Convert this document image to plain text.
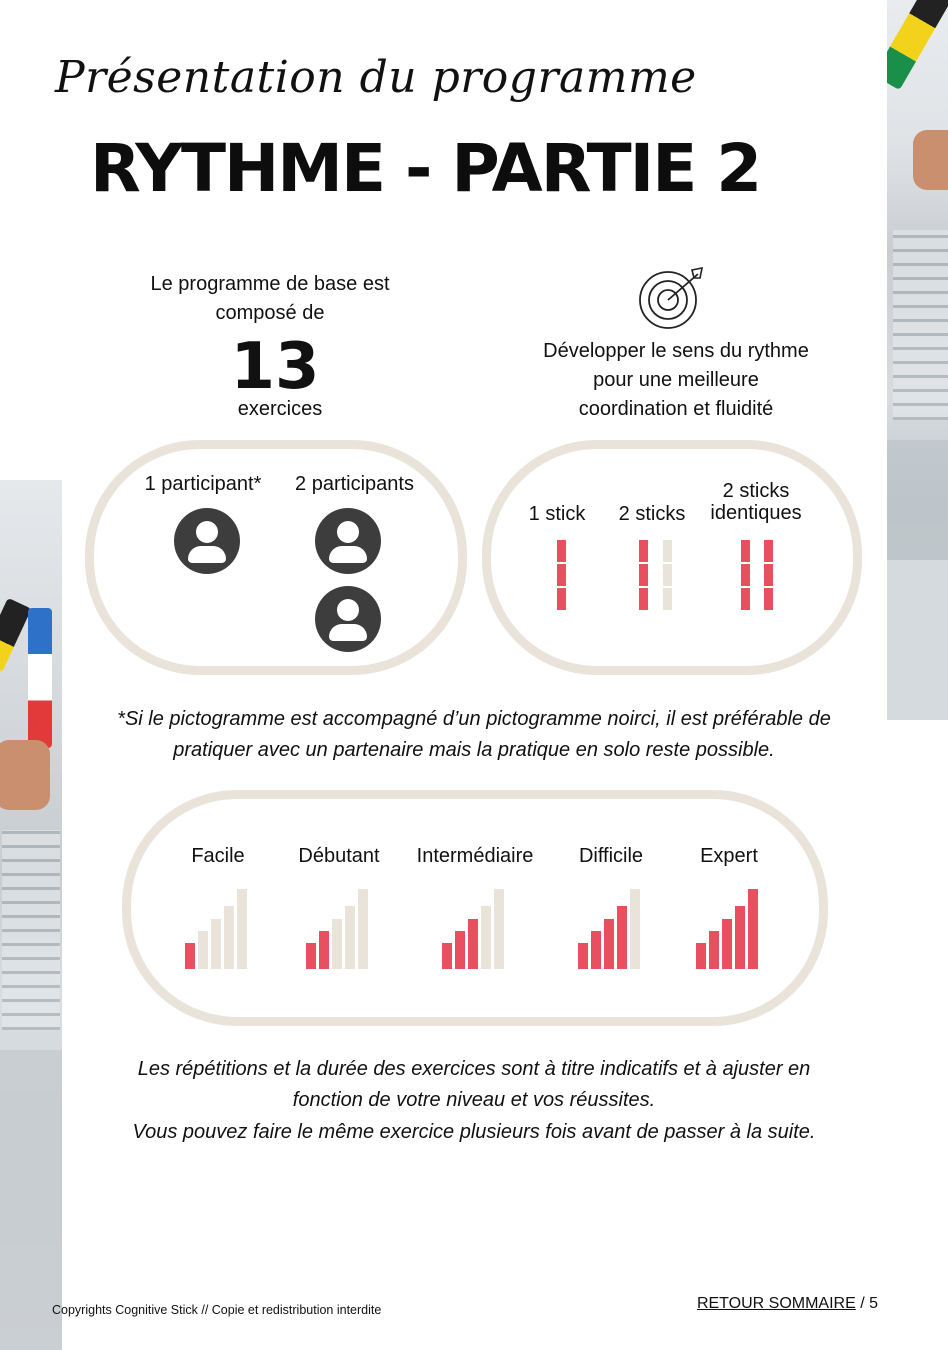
Présentation du programme
RYTHME - PARTIE 2
Le programme de base est composé de
13
exercices
Développer le sens du rythme pour une meilleure coordination et fluidité
1 participant*	2 participants
1 stick	2 sticks
2 sticks identiques
*Si le pictogramme est accompagné d’un pictogramme noirci, il est préférable de pratiquer avec un partenaire mais la pratique en solo reste possible.
Facile	Débutant	Intermédiaire	Difficile	Expert
Les répétitions et la durée des exercices sont à titre indicatifs et à ajuster en
fonction de votre niveau et vos réussites.
Vous pouvez faire le même exercice plusieurs fois avant de passer à la suite.
Copyrights Cognitive Stick // Copie et redistribution interdite	RETOUR SOMMAIRE / 5
